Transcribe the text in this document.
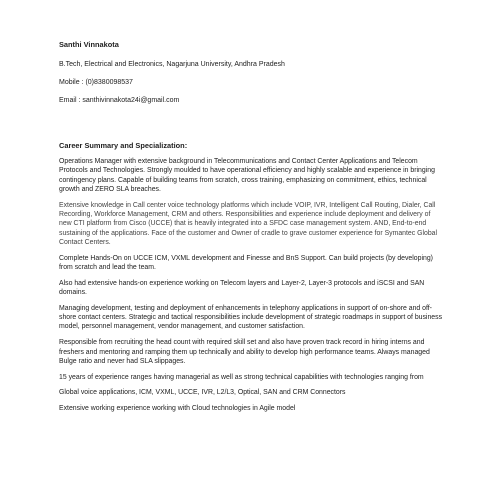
Santhi Vinnakota
B.Tech, Electrical and Electronics, Nagarjuna University, Andhra Pradesh
Mobile : (0)8380098537
Email : santhivinnakota24i@gmail.com
Career Summary and Specialization:

Operations Manager with extensive background in Telecommunications and Contact Center Applications and Telecom Protocols and Technologies. Strongly moulded to have operational efficiency and highly scalable and experience in bringing contingency plans. Capable of building teams from scratch, cross training, emphasizing on commitment, ethics, technical growth and ZERO SLA breaches.

Extensive knowledge in Call center voice technology platforms which include VOIP, IVR, Intelligent Call Routing, Dialer, Call Recording, Workforce Management, CRM and others. Responsibilities and experience include deployment and delivery of new CTI platform from Cisco (UCCE) that is heavily integrated into a SFDC case management system. AND, End-to-end sustaining of the applications. Face of the customer and Owner of cradle to grave customer experience for Symantec Global Contact Centers.

Complete Hands-On on UCCE ICM, VXML development and Finesse and BnS Support. Can build projects (by developing) from scratch and lead the team.

Also had extensive hands-on experience working on Telecom layers and Layer-2, Layer-3 protocols and iSCSI and SAN domains.

Managing development, testing and deployment of enhancements in telephony applications in support of on-shore and off-shore contact centers. Strategic and tactical responsibilities include development of strategic roadmaps in support of business model, personnel management, vendor management, and customer satisfaction.

Responsible from recruiting the head count with required skill set and also have proven track record in hiring interns and freshers and mentoring and ramping them up technically and ability to develop high performance teams. Always managed Bulge ratio and never had SLA slippages.

15 years of experience ranges having managerial as well as strong technical capabilities with technologies ranging from

Global voice applications, ICM, VXML, UCCE, IVR, L2/L3, Optical, SAN and CRM Connectors

Extensive working experience working with Cloud technologies in Agile model
